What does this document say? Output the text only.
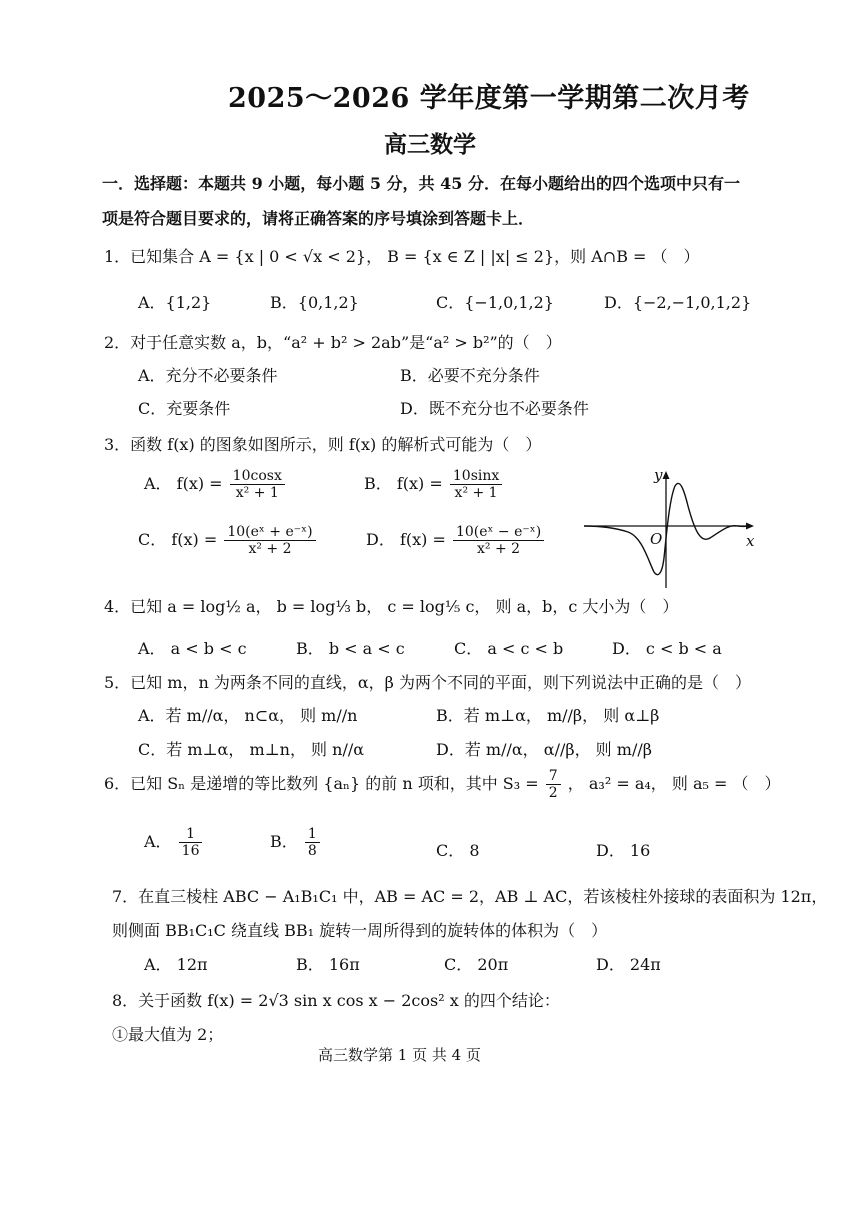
2025～2026 学年度第一学期第二次月考
高三数学
一．选择题：本题共 9 小题，每小题 5 分，共 45 分．在每小题给出的四个选项中只有一
项是符合题目要求的，请将正确答案的序号填涂到答题卡上．
1．已知集合 A = {x | 0 < √x < 2}， B = {x ∈ Z | |x| ≤ 2}，则 A∩B = （　）
A．{1,2}	B．{0,1,2}	C．{−1,0,1,2}	D．{−2,−1,0,1,2}
2．对于任意实数 a，b，“a² + b² > 2ab”是“a² > b²”的（　）
A．充分不必要条件	B．必要不充分条件
C．充要条件	D．既不充分也不必要条件
3．函数 f(x) 的图象如图所示，则 f(x) 的解析式可能为（　）
A． $f(x) = \frac{10\cos x}{\text{x² + 1}}$	B． $f(x) = \frac{10\sin x}{\text{x² + 1}}$
C． $f(x) = \frac{\text{10(eˣ + e⁻ˣ)}}{\text{x² + 2}}$	D． $f(x) = \frac{\text{10(eˣ − e⁻ˣ)}}{\text{x² + 2}}$
y
x
O
4．已知 a = log½ a， b = log⅓ b， c = log⅕ c， 则 a，b，c 大小为（　）
A． a < b < c	B． b < a < c	C． a < c < b	D． c < b < a
5．已知 m，n 为两条不同的直线，α，β 为两个不同的平面，则下列说法中正确的是（　）
A．若 m//α， n⊂α， 则 m//n	B．若 m⊥α， m//β， 则 α⊥β
C．若 m⊥α， m⊥n， 则 n//α	D．若 m//α， α//β， 则 m//β
6．已知 Sₙ 是递增的等比数列 {aₙ} 的前 n 项和，其中 $S_3 = \frac{7}{2}$ ， a₃² = a₄， 则 a₅ = （　）
A． $\frac{1}{16}$	B． $\frac{1}{8}$	C． 8	D． 16
7．在直三棱柱 ABC − A₁B₁C₁ 中，AB = AC = 2，AB ⊥ AC，若该棱柱外接球的表面积为 12π，
则侧面 BB₁C₁C 绕直线 BB₁ 旋转一周所得到的旋转体的体积为（　）
A． 12π	B． 16π	C． 20π	D． 24π
8．关于函数 f(x) = 2√3 sin x cos x − 2cos² x 的四个结论：
①最大值为 2；
高三数学第 1 页 共 4 页
